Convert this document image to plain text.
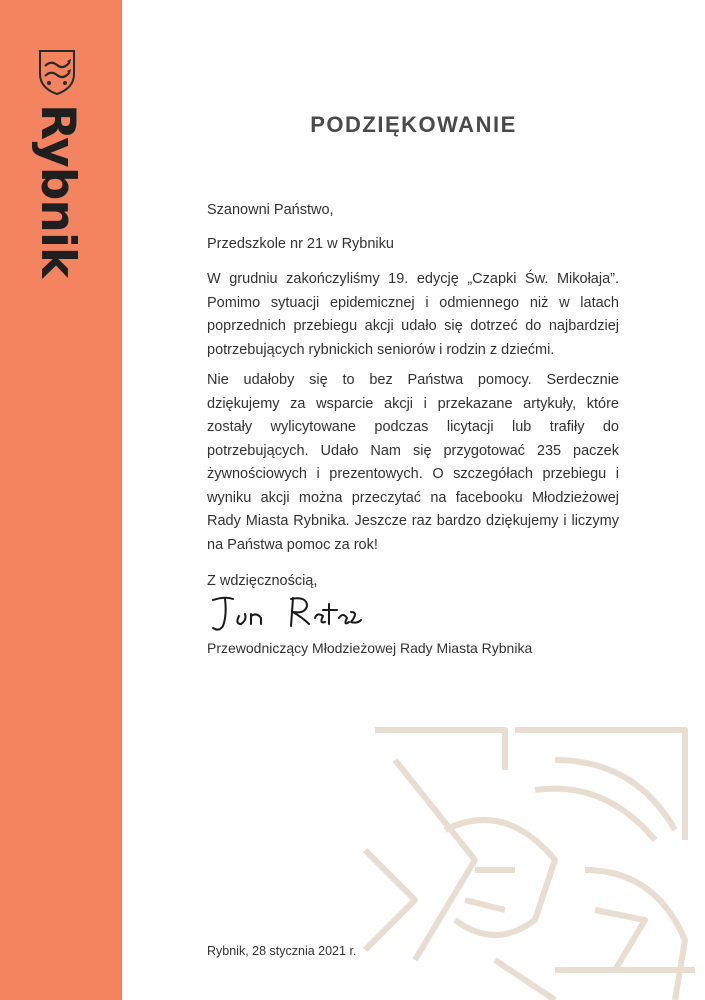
Rybnik	PODZIĘKOWANIE
Szanowni Państwo,
Przedszkole nr 21 w Rybniku
W grudniu zakończyliśmy 19. edycję „Czapki Św. Mikołaja”. Pomimo sytuacji epidemicznej i odmiennego niż w latach poprzednich przebiegu akcji udało się dotrzeć do najbardziej potrzebujących rybnickich seniorów i rodzin z dziećmi.
Nie udałoby się to bez Państwa pomocy. Serdecznie dziękujemy za wsparcie akcji i przekazane artykuły, które zostały wylicytowane podczas licytacji lub trafiły do potrzebujących. Udało Nam się przygotować 235 paczek żywnościowych i prezentowych. O szczegółach przebiegu i wyniku akcji można przeczytać na facebooku Młodzieżowej Rady Miasta Rybnika. Jeszcze raz bardzo dziękujemy i liczymy na Państwa pomoc za rok!
Z wdzięcznością,
Przewodniczący Młodzieżowej Rady Miasta Rybnika
Rybnik, 28 stycznia 2021 r.
